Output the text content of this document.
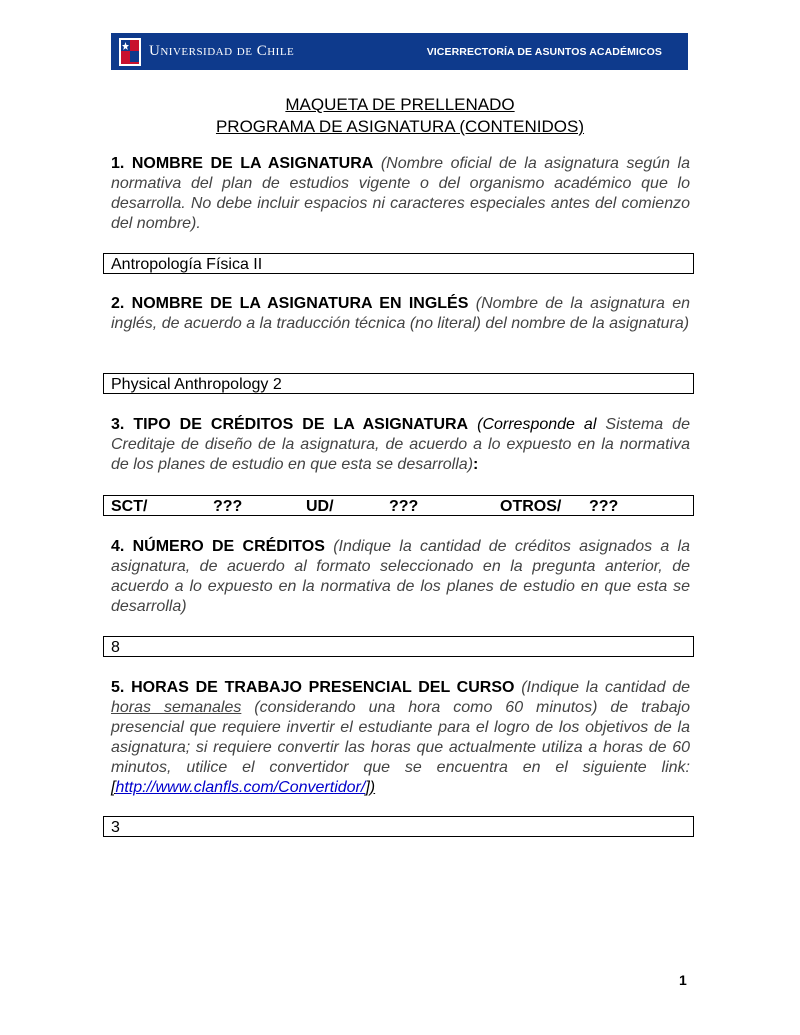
Universidad de Chile	VICERRECTORÍA DE ASUNTOS ACADÉMICOS
MAQUETA DE PRELLENADO
PROGRAMA DE ASIGNATURA (CONTENIDOS)
1. NOMBRE DE LA ASIGNATURA (Nombre oficial de la asignatura según la normativa del plan de estudios vigente o del organismo académico que lo desarrolla. No debe incluir espacios ni caracteres especiales antes del comienzo del nombre).
Antropología Física II
2. NOMBRE DE LA ASIGNATURA EN INGLÉS (Nombre de la asignatura en inglés, de acuerdo a la traducción técnica (no literal) del nombre de la asignatura)
Physical Anthropology 2
3. TIPO DE CRÉDITOS DE LA ASIGNATURA (Corresponde al Sistema de Creditaje de diseño de la asignatura, de acuerdo a lo expuesto en la normativa de los planes de estudio en que esta se desarrolla):
SCT/	???	UD/	???	OTROS/ ???
4. NÚMERO DE CRÉDITOS (Indique la cantidad de créditos asignados a la asignatura, de acuerdo al formato seleccionado en la pregunta anterior, de acuerdo a lo expuesto en la normativa de los planes de estudio en que esta se desarrolla)
8
5. HORAS DE TRABAJO PRESENCIAL DEL CURSO (Indique la cantidad de horas semanales (considerando una hora como 60 minutos) de trabajo presencial que requiere invertir el estudiante para el logro de los objetivos de la asignatura; si requiere convertir las horas que actualmente utiliza a horas de 60 minutos, utilice el convertidor que se encuentra en el siguiente link: [http://www.clanfls.com/Convertidor/])
3
1
